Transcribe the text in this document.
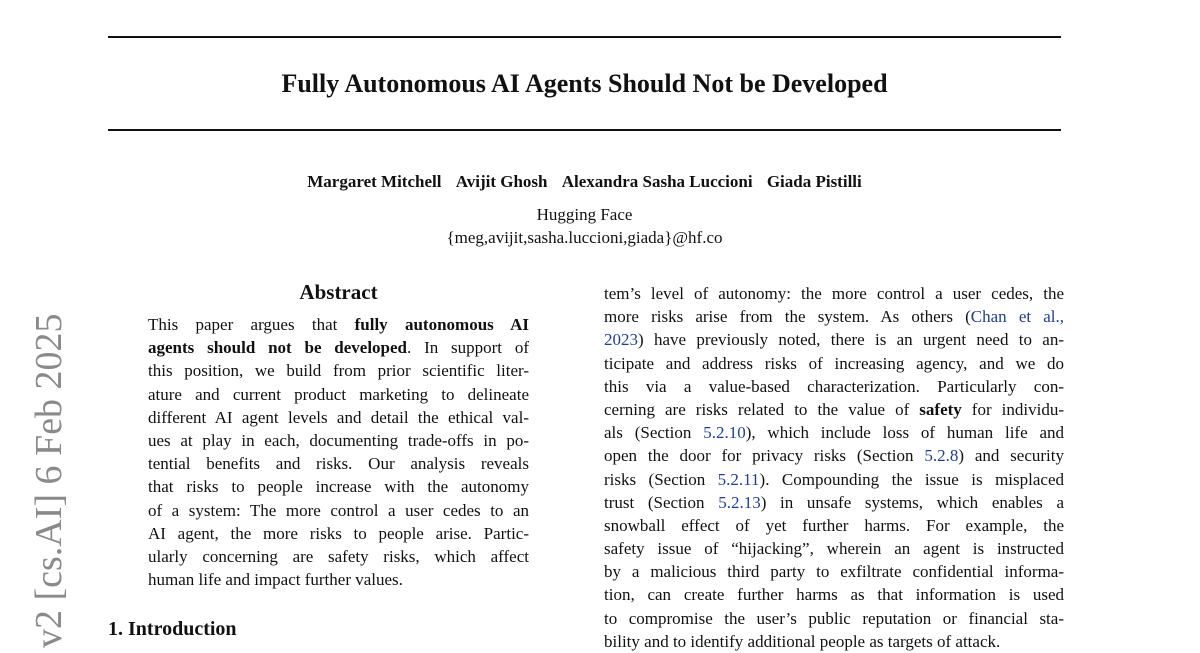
Fully Autonomous AI Agents Should Not be Developed
Margaret Mitchell Avijit Ghosh Alexandra Sasha Luccioni Giada Pistilli
Hugging Face
{meg,avijit,sasha.luccioni,giada}@hf.co
v2 [cs.AI] 6 Feb 2025
Abstract
This paper argues that fully autonomous AI
agents should not be developed. In support of
this position, we build from prior scientific liter-
ature and current product marketing to delineate
different AI agent levels and detail the ethical val-
ues at play in each, documenting trade-offs in po-
tential benefits and risks. Our analysis reveals
that risks to people increase with the autonomy
of a system: The more control a user cedes to an
AI agent, the more risks to people arise. Partic-
ularly concerning are safety risks, which affect
human life and impact further values.
1. Introduction
tem’s level of autonomy: the more control a user cedes, the
more risks arise from the system. As others (Chan et al.,
2023) have previously noted, there is an urgent need to an-
ticipate and address risks of increasing agency, and we do
this via a value-based characterization. Particularly con-
cerning are risks related to the value of safety for individu-
als (Section 5.2.10), which include loss of human life and
open the door for privacy risks (Section 5.2.8) and security
risks (Section 5.2.11). Compounding the issue is misplaced
trust (Section 5.2.13) in unsafe systems, which enables a
snowball effect of yet further harms. For example, the
safety issue of “hijacking”, wherein an agent is instructed
by a malicious third party to exfiltrate confidential informa-
tion, can create further harms as that information is used
to compromise the user’s public reputation or financial sta-
bility and to identify additional people as targets of attack.
